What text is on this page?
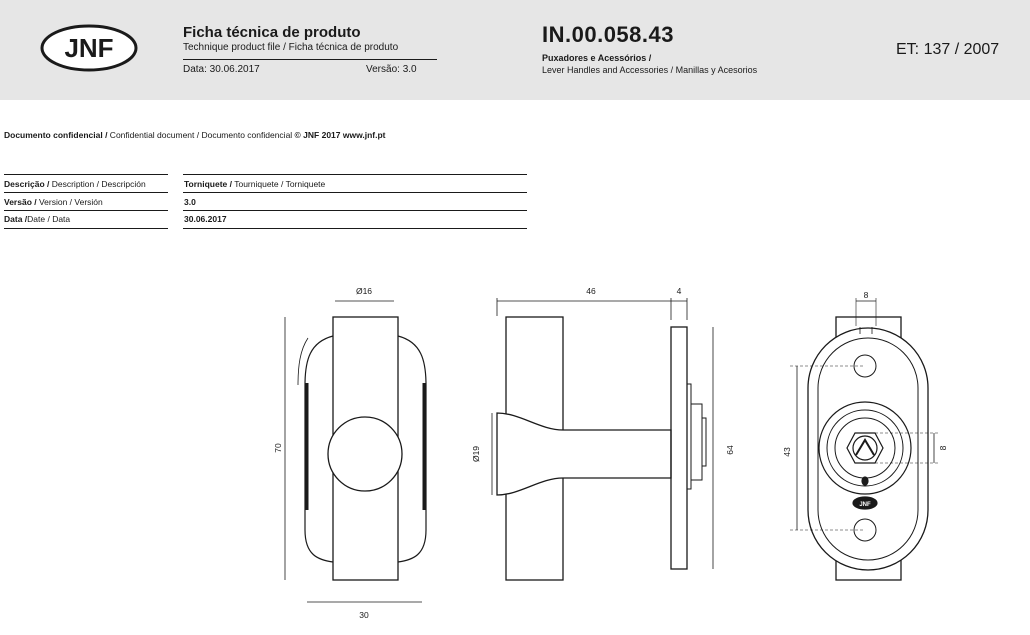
JNF
Ficha técnica de produto
Technique product file / Ficha técnica de produto
Data: 30.06.2017	Versão: 3.0
IN.00.058.43
Puxadores e Acessórios /
Lever Handles and Accessories / Manillas y Acesorios
ET: 137 / 2007
Documento confidencial / Confidential document / Documento confidencial © JNF 2017 www.jnf.pt
Descrição / Description / Descripción	Torniquete / Tourniquete / Torniquete
Versão / Version / Versión	3.0
Data /Date / Data	30.06.2017
Ø16
70
30
46	4
Ø19	64
8
43	8
JNF
